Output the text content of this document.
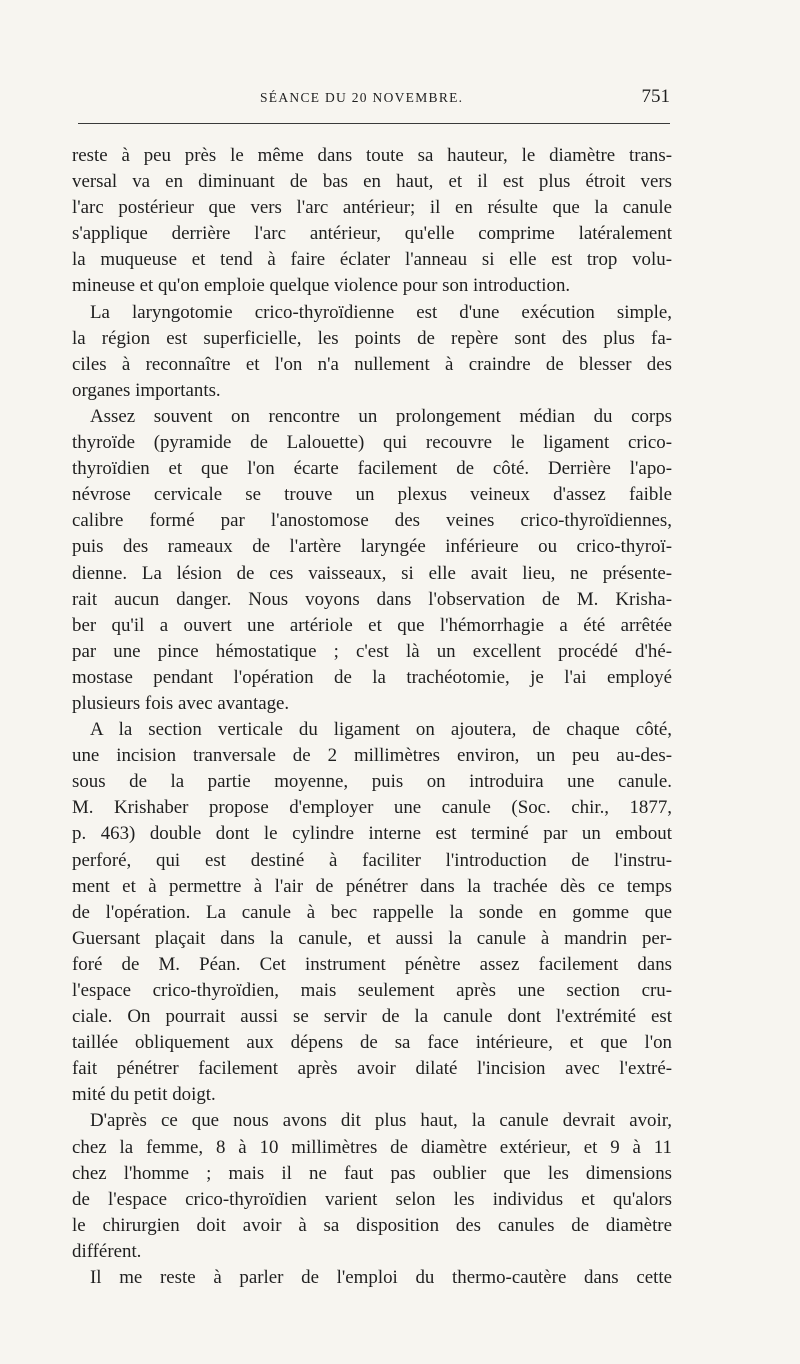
SÉANCE DU 20 NOVEMBRE.	751
reste à peu près le même dans toute sa hauteur, le diamètre trans-
versal va en diminuant de bas en haut, et il est plus étroit vers
l'arc postérieur que vers l'arc antérieur; il en résulte que la canule
s'applique derrière l'arc antérieur, qu'elle comprime latéralement
la muqueuse et tend à faire éclater l'anneau si elle est trop volu-
mineuse et qu'on emploie quelque violence pour son introduction.
La laryngotomie crico-thyroïdienne est d'une exécution simple,
la région est superficielle, les points de repère sont des plus fa-
ciles à reconnaître et l'on n'a nullement à craindre de blesser des
organes importants.
Assez souvent on rencontre un prolongement médian du corps
thyroïde (pyramide de Lalouette) qui recouvre le ligament crico-
thyroïdien et que l'on écarte facilement de côté. Derrière l'apo-
névrose cervicale se trouve un plexus veineux d'assez faible
calibre formé par l'anostomose des veines crico-thyroïdiennes,
puis des rameaux de l'artère laryngée inférieure ou crico-thyroï-
dienne. La lésion de ces vaisseaux, si elle avait lieu, ne présente-
rait aucun danger. Nous voyons dans l'observation de M. Krisha-
ber qu'il a ouvert une artériole et que l'hémorrhagie a été arrêtée
par une pince hémostatique ; c'est là un excellent procédé d'hé-
mostase pendant l'opération de la trachéotomie, je l'ai employé
plusieurs fois avec avantage.
A la section verticale du ligament on ajoutera, de chaque côté,
une incision tranversale de 2 millimètres environ, un peu au-des-
sous de la partie moyenne, puis on introduira une canule.
M. Krishaber propose d'employer une canule (Soc. chir., 1877,
p. 463) double dont le cylindre interne est terminé par un embout
perforé, qui est destiné à faciliter l'introduction de l'instru-
ment et à permettre à l'air de pénétrer dans la trachée dès ce temps
de l'opération. La canule à bec rappelle la sonde en gomme que
Guersant plaçait dans la canule, et aussi la canule à mandrin per-
foré de M. Péan. Cet instrument pénètre assez facilement dans
l'espace crico-thyroïdien, mais seulement après une section cru-
ciale. On pourrait aussi se servir de la canule dont l'extrémité est
taillée obliquement aux dépens de sa face intérieure, et que l'on
fait pénétrer facilement après avoir dilaté l'incision avec l'extré-
mité du petit doigt.
D'après ce que nous avons dit plus haut, la canule devrait avoir,
chez la femme, 8 à 10 millimètres de diamètre extérieur, et 9 à 11
chez l'homme ; mais il ne faut pas oublier que les dimensions
de l'espace crico-thyroïdien varient selon les individus et qu'alors
le chirurgien doit avoir à sa disposition des canules de diamètre
différent.
Il me reste à parler de l'emploi du thermo-cautère dans cette
